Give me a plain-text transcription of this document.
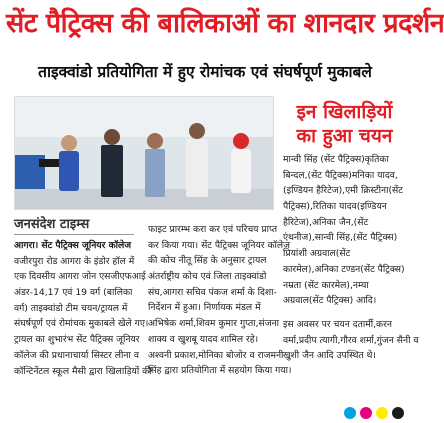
सेंट पैट्रिक्स की बालिकाओं का शानदार प्रदर्शन
ताइक्वांडो प्रतियोगिता में हुए रोमांचक एवं संघर्षपूर्ण मुकाबले
इन खिलाड़ियों
का हुआ चयन
जनसंदेश टाइम्स
आगरा। सेंट पैट्रिक्स जूनियर कॉलेज
वजीरपुरा रोड आगरा के इंडोर हॉल में
एक दिवसीय आगरा जोन एसजीएफआई
अंडर-14,17 एवं 19 वर्ग (बालिका
वर्ग) ताइक्वांडो टीम चयन/ट्रायल में
संघर्षपूर्ण एवं रोमांचक मुकाबले खेले गए।
ट्रायल का शुभारंभ सेंट पैट्रिक्स जूनियर
कॉलेज की प्रधानाचार्या सिस्टर लीना व
कॉन्टिनेंटल स्कूल मैसी द्वारा खिलाड़ियों की
फाइट प्रारम्भ करा कर एवं परिचय प्राप्त
कर किया गया। सेंट पैट्रिक्स जूनियर कॉलेज
की कोच नीतू सिंह के अनुसार ट्रायल
अंतर्राष्ट्रीय कोच एवं जिला ताइक्वांडो
संघ,आगरा सचिव पंकज शर्मा के दिशा-
निर्देशन में हुआ। निर्णायक मंडल में
अभिषेक शर्मा,शिवम कुमार गुप्ता,संजना
शाक्य व खुशबू यादव शामिल रहे।
अश्वनी प्रकाश,मोनिका बोजोर व राजमनी
सिंह द्वारा प्रतियोगिता में सहयोग किया गया।
मान्वी सिंह (सेंट पैट्रिक्स)कृतिका
बिन्दल,(सेंट पैट्रिक्स)मनिका यादव,
(इण्डियन हैरिटेज),एमी क्रिस्टीना(सेंट
पैट्रिक्स),रितिका यादव(इण्डियन
हैरिटेज),अनिका जैन,(सेंट
एंथनीज),सान्वी सिंह,(सेंट पैट्रिक्स)
प्रियांशी अग्रवाल(सेंट
कारमेल),अनिका टण्डन(सेंट पैट्रिक्स)
नम्रता (सेंट कारमेल),नम्या
अग्रवाल(सेंट पैट्रिक्स) आदि।
इस अवसर पर चयन दतार्मी,करन
वर्मा,प्रदीप त्यागी,गौरव शर्मा,गुंजन सैनी व
खुशी जैन आदि उपस्थित थे।
